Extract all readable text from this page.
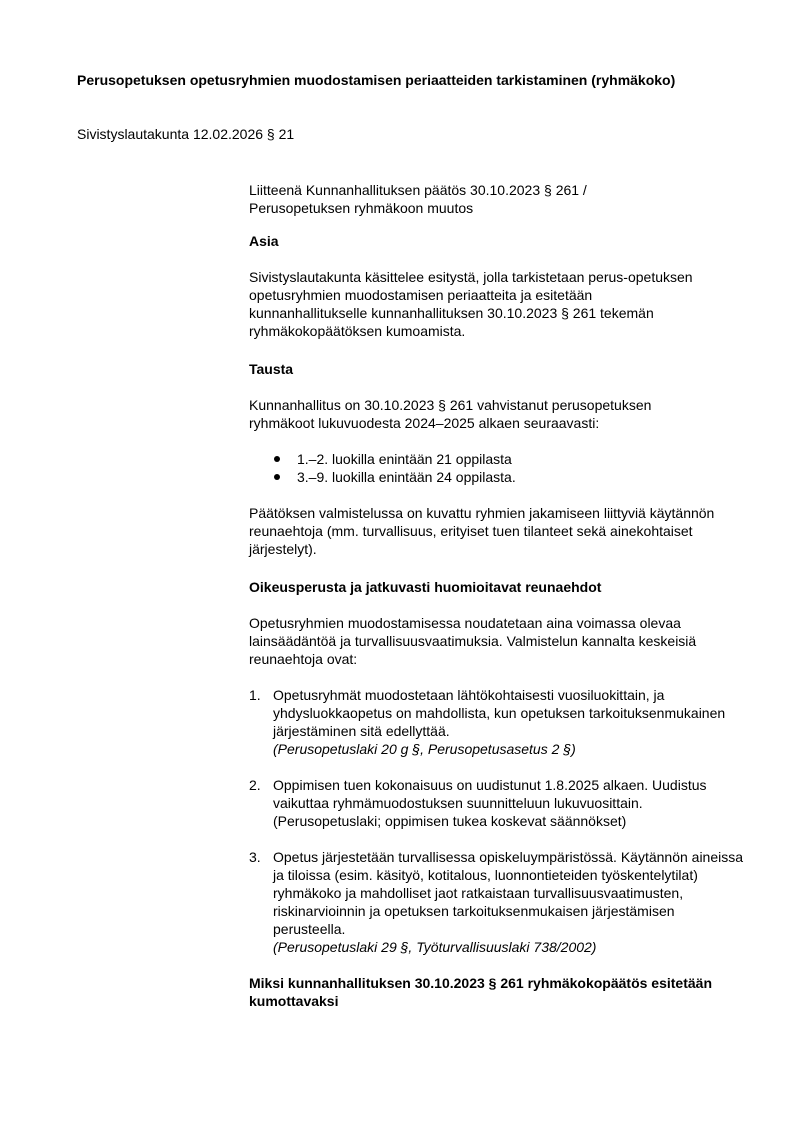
Perusopetuksen opetusryhmien muodostamisen periaatteiden tarkistaminen (ryhmäkoko)
Sivistyslautakunta 12.02.2026 § 21

Liitteenä Kunnanhallituksen päätös 30.10.2023 § 261 /

Perusopetuksen ryhmäkoon muutos

Asia

Sivistyslautakunta käsittelee esitystä, jolla tarkistetaan perus-opetuksen opetusryhmien muodostamisen periaatteita ja esitetään kunnanhallitukselle kunnanhallituksen 30.10.2023 § 261 tekemän ryhmäkokopäätöksen kumoamista.

Tausta

Kunnanhallitus on 30.10.2023 § 261 vahvistanut perusopetuksen ryhmäkoot lukuvuodesta 2024–2025 alkaen seuraavasti:

1.–2. luokilla enintään 21 oppilasta
3.–9. luokilla enintään 24 oppilasta.

Päätöksen valmistelussa on kuvattu ryhmien jakamiseen liittyviä käytännön reunaehtoja (mm. turvallisuus, erityiset tuen tilanteet sekä ainekohtaiset järjestelyt).

Oikeusperusta ja jatkuvasti huomioitavat reunaehdot

Opetusryhmien muodostamisessa noudatetaan aina voimassa olevaa lainsäädäntöä ja turvallisuusvaatimuksia. Valmistelun kannalta keskeisiä reunaehtoja ovat:

1. Opetusryhmät muodostetaan lähtökohtaisesti vuosiluokittain, ja yhdysluokkaopetus on mahdollista, kun opetuksen tarkoituksenmukainen järjestäminen sitä edellyttää.
(Perusopetuslaki 20 g §, Perusopetusasetus 2 §)
2. Oppimisen tuen kokonaisuus on uudistunut 1.8.2025 alkaen. Uudistus vaikuttaa ryhmämuodostuksen suunnitteluun lukuvuosittain. (Perusopetuslaki; oppimisen tukea koskevat säännökset)
3. Opetus järjestetään turvallisessa opiskeluympäristössä. Käytännön aineissa ja tiloissa (esim. käsityö, kotitalous, luonnontieteiden työskentelytilat) ryhmäkoko ja mahdolliset jaot ratkaistaan turvallisuusvaatimusten, riskinarvioinnin ja opetuksen tarkoituksenmukaisen järjestämisen perusteella.
(Perusopetuslaki 29 §, Työturvallisuuslaki 738/2002)

Miksi kunnanhallituksen 30.10.2023 § 261 ryhmäkokopäätös esitetään kumottavaksi
